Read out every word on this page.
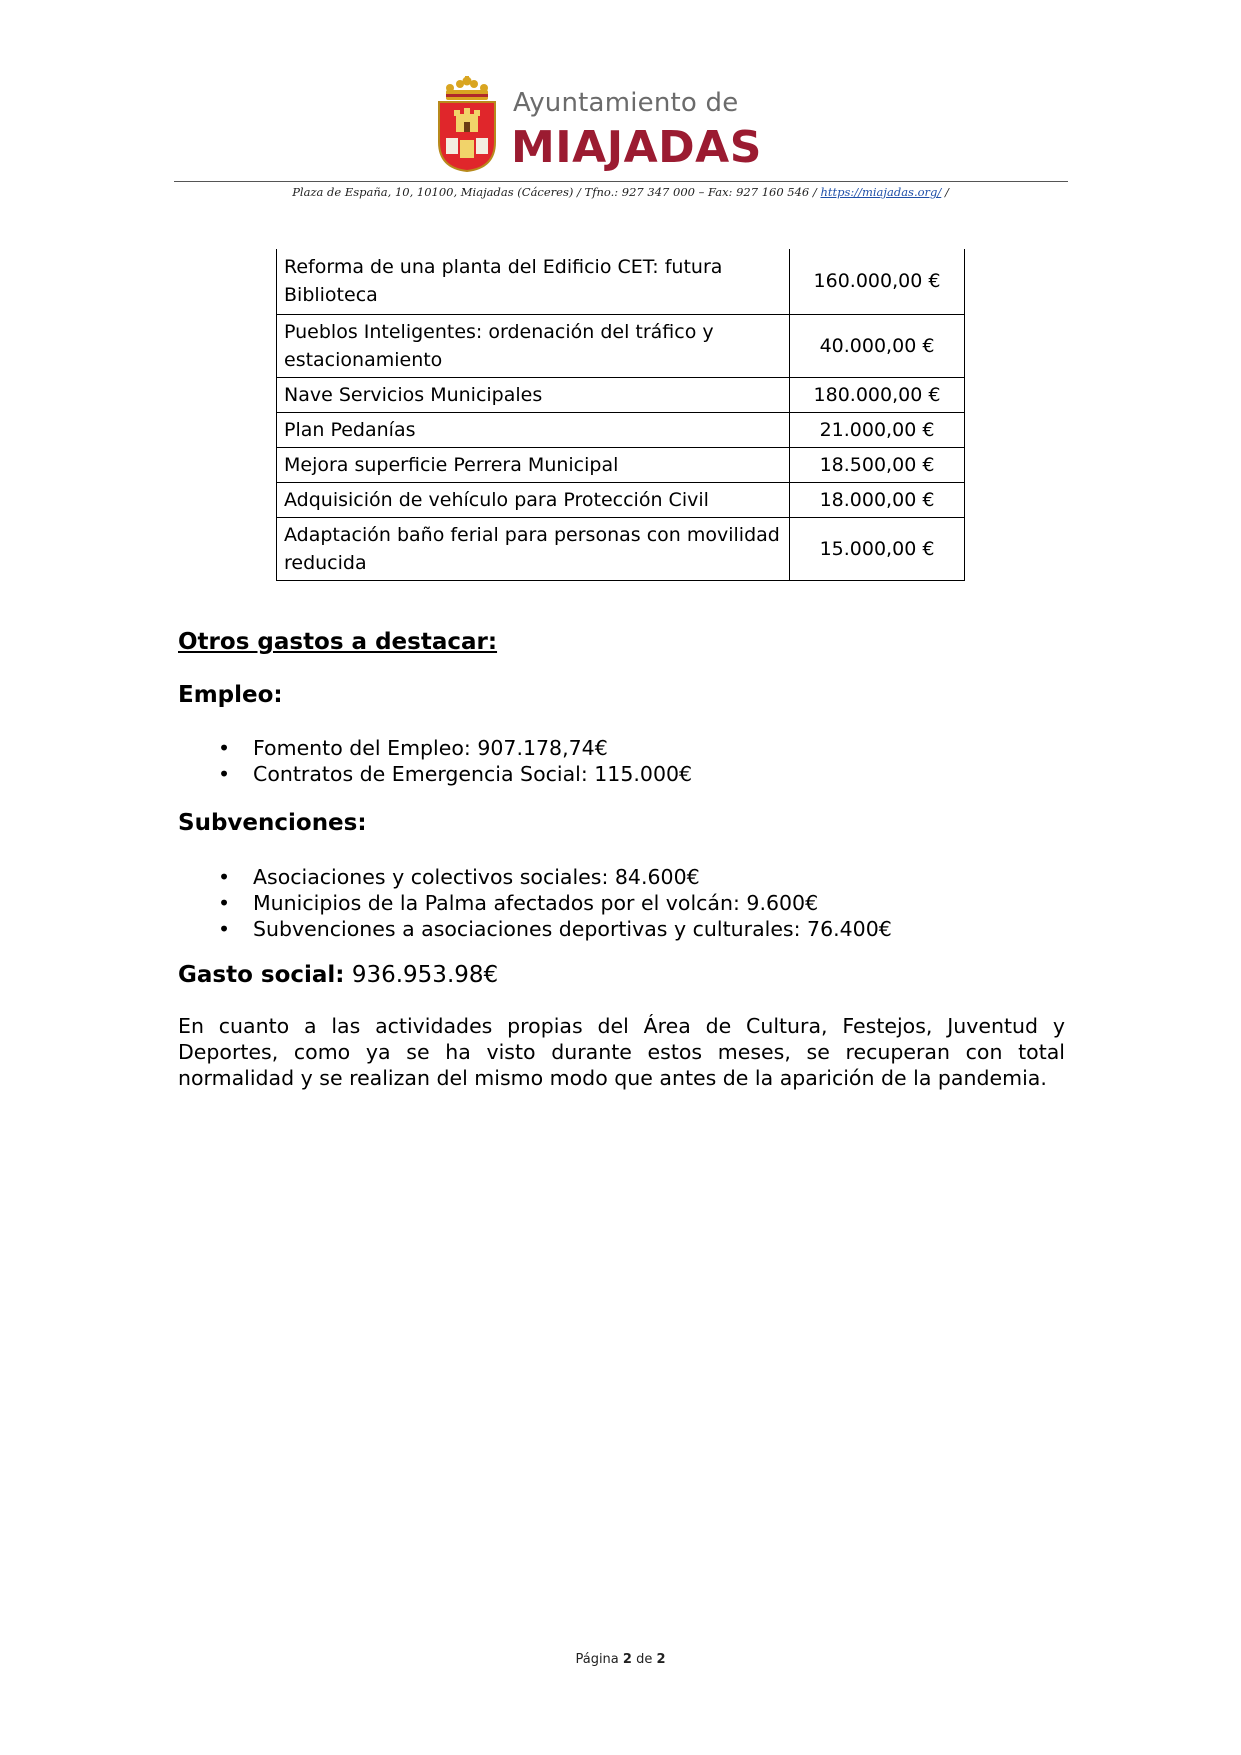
Ayuntamiento de
MIAJADAS
Plaza de España, 10, 10100, Miajadas (Cáceres) / Tfno.: 927 347 000 – Fax: 927 160 546 / https://miajadas.org/ /
Reforma de una planta del Edificio CET: futura Biblioteca	160.000,00 €
Pueblos Inteligentes: ordenación del tráfico y estacionamiento	40.000,00 €
Nave Servicios Municipales	180.000,00 €
Plan Pedanías	21.000,00 €
Mejora superficie Perrera Municipal	18.500,00 €
Adquisición de vehículo para Protección Civil	18.000,00 €
Adaptación baño ferial para personas con movilidad reducida	15.000,00 €
Otros gastos a destacar:
Empleo:
• Fomento del Empleo: 907.178,74€
• Contratos de Emergencia Social: 115.000€
Subvenciones:
• Asociaciones y colectivos sociales: 84.600€
• Municipios de la Palma afectados por el volcán: 9.600€
• Subvenciones a asociaciones deportivas y culturales: 76.400€
Gasto social: 936.953.98€
En cuanto a las actividades propias del Área de Cultura, Festejos, Juventud y Deportes, como ya se ha visto durante estos meses, se recuperan con total normalidad y se realizan del mismo modo que antes de la aparición de la pandemia.
Página 2 de 2
